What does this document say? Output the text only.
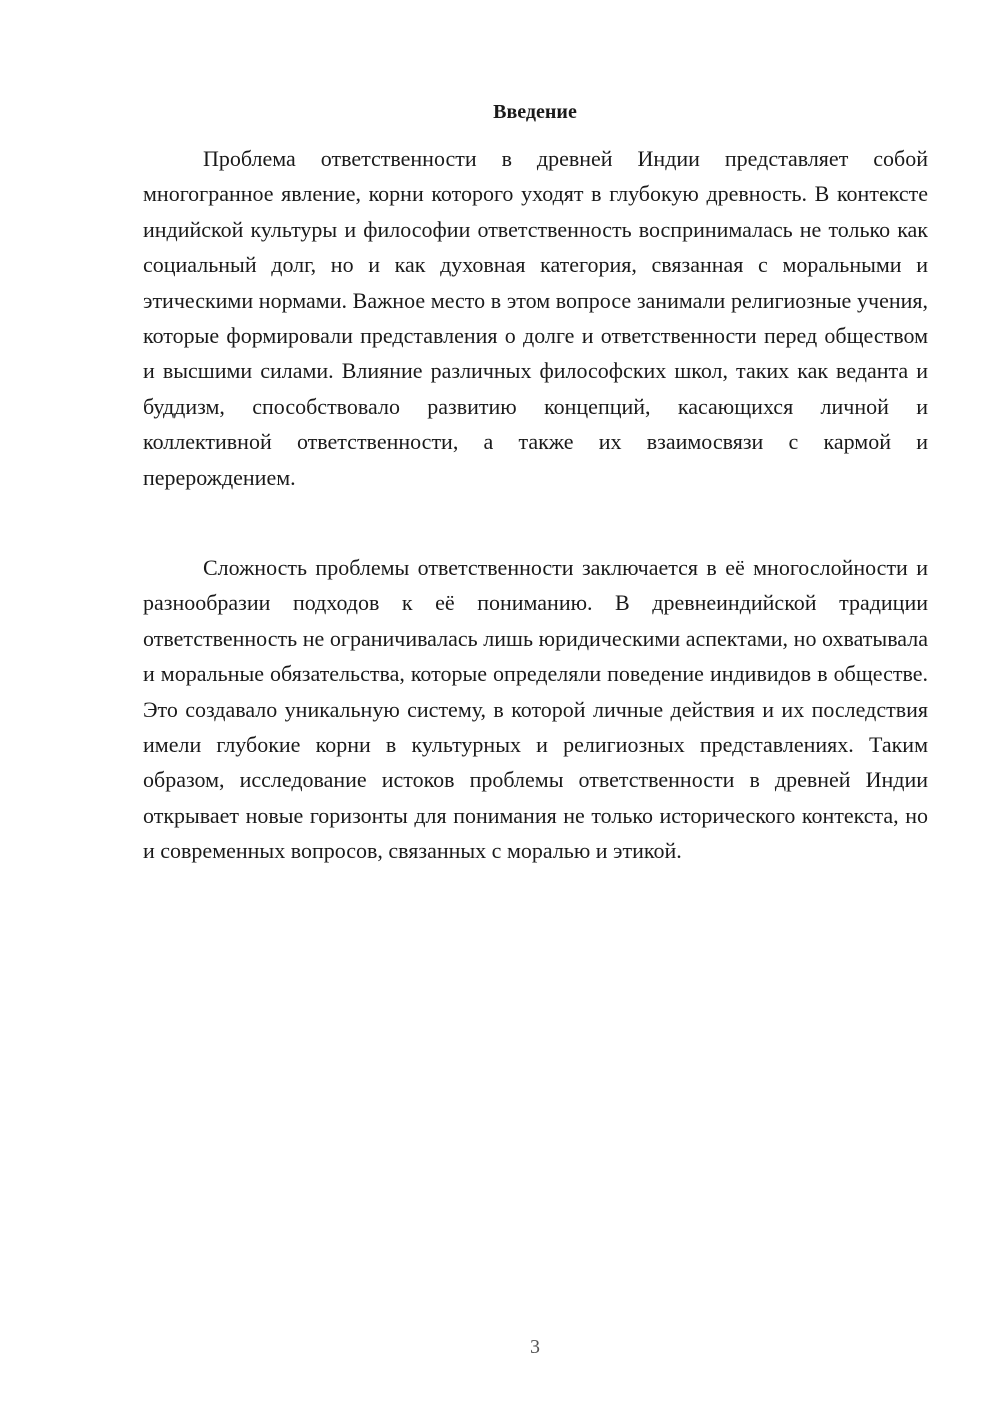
Введение

Проблема ответственности в древней Индии представляет собой многогранное явление, корни которого уходят в глубокую древность. В контексте индийской культуры и философии ответственность воспринималась не только как социальный долг, но и как духовная категория, связанная с моральными и этическими нормами. Важное место в этом вопросе занимали религиозные учения, которые формировали представления о долге и ответственности перед обществом и высшими силами. Влияние различных философских школ, таких как веданта и буддизм, способствовало развитию концепций, касающихся личной и коллективной ответственности, а также их взаимосвязи с кармой и перерождением.

Сложность проблемы ответственности заключается в её многослойности и разнообразии подходов к её пониманию. В древнеиндийской традиции ответственность не ограничивалась лишь юридическими аспектами, но охватывала и моральные обязательства, которые определяли поведение индивидов в обществе. Это создавало уникальную систему, в которой личные действия и их последствия имели глубокие корни в культурных и религиозных представлениях. Таким образом, исследование истоков проблемы ответственности в древней Индии открывает новые горизонты для понимания не только исторического контекста, но и современных вопросов, связанных с моралью и этикой.

3
